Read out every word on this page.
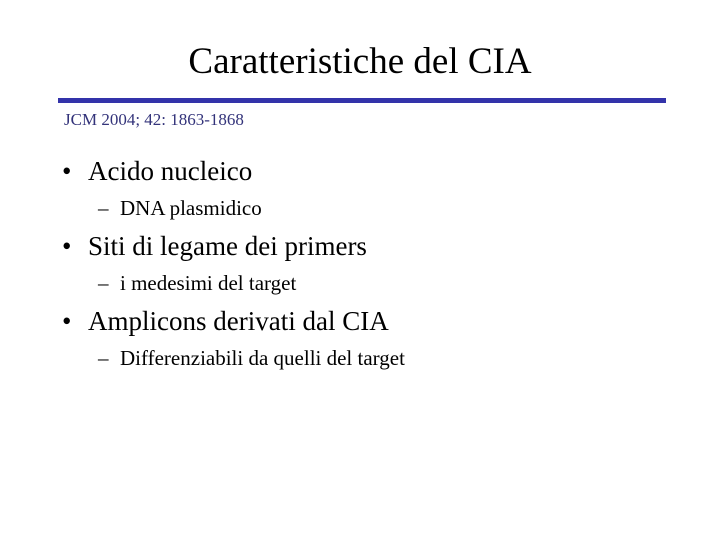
Caratteristiche del CIA
JCM 2004; 42: 1863-1868
• Acido nucleico
– DNA plasmidico
• Siti di legame dei primers
– i medesimi del target
• Amplicons derivati dal CIA
– Differenziabili da quelli del target
